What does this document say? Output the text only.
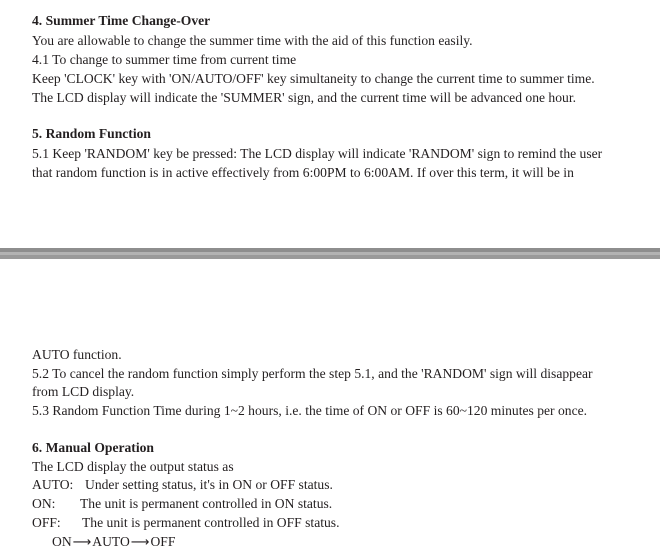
4. Summer Time Change-Over
You are allowable to change the summer time with the aid of this function easily.
4.1 To change to summer time from current time
Keep 'CLOCK' key with 'ON/AUTO/OFF' key simultaneity to change the current time to summer time.
The LCD display will indicate the 'SUMMER' sign, and the current time will be advanced one hour.
5. Random Function
5.1 Keep 'RANDOM' key be pressed: The LCD display will indicate 'RANDOM' sign to remind the user
that random function is in active effectively from 6:00PM to 6:00AM. If over this term, it will be in
AUTO function.
5.2 To cancel the random function simply perform the step 5.1, and the 'RANDOM' sign will disappear
from LCD display.
5.3 Random Function Time during 1~2 hours, i.e. the time of ON or OFF is 60~120 minutes per once.
6. Manual Operation
The LCD display the output status as
AUTO: Under setting status, it's in ON or OFF status.
ON: The unit is permanent controlled in ON status.
OFF: The unit is permanent controlled in OFF status.
ON⟶AUTO⟶OFF
